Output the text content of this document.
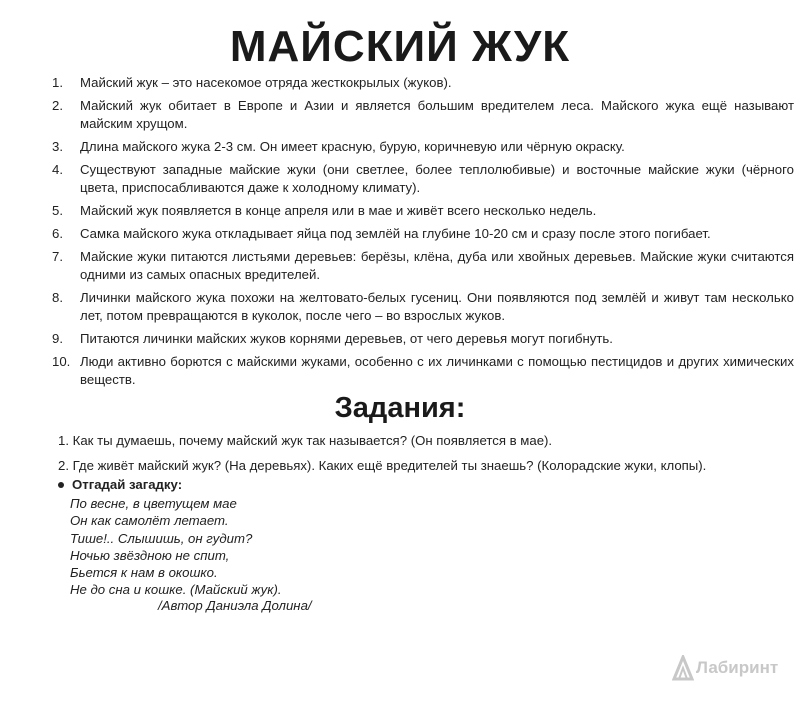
МАЙСКИЙ ЖУК
1.	Майский жук – это насекомое отряда жесткокрылых (жуков).
2.	Майский жук обитает в Европе и Азии и является большим вредителем леса. Майского жука ещё называют майским хрущом.
3.	Длина майского жука 2-3 см. Он имеет красную, бурую, коричневую или чёрную окраску.
4.	Существуют западные майские жуки (они светлее, более теплолюбивые) и восточные майские жуки (чёрного цвета, приспосабливаются даже к холодному климату).
5.	Майский жук появляется в конце апреля или в мае и живёт всего несколько недель.
6.	Самка майского жука откладывает яйца под землёй на глубине 10-20 см и сразу после этого погибает.
7.	Майские жуки питаются листьями деревьев: берёзы, клёна, дуба или хвойных деревьев. Майские жуки считаются одними из самых опасных вредителей.
8.	Личинки майского жука похожи на желтовато-белых гусениц. Они появляются под землёй и живут там несколько лет, потом превращаются в куколок, после чего – во взрослых жуков.
9.	Питаются личинки майских жуков корнями деревьев, от чего деревья могут погибнуть.
10. Люди активно борются с майскими жуками, особенно с их личинками с помощью пестицидов и других химических веществ.
Задания:
1. Как ты думаешь, почему майский жук так называется? (Он появляется в мае).
2. Где живёт майский жук? (На деревьях). Каких ещё вредителей ты знаешь? (Колорадские жуки, клопы).
Отгадай загадку:
По весне, в цветущем мае
Он как самолёт летает.
Тише!.. Слышишь, он гудит?
Ночью звёздною не спит,
Бьется к нам в окошко.
Не до сна и кошке. (Майский жук).
/Автор Даниэла Долина/
Лабиринт
